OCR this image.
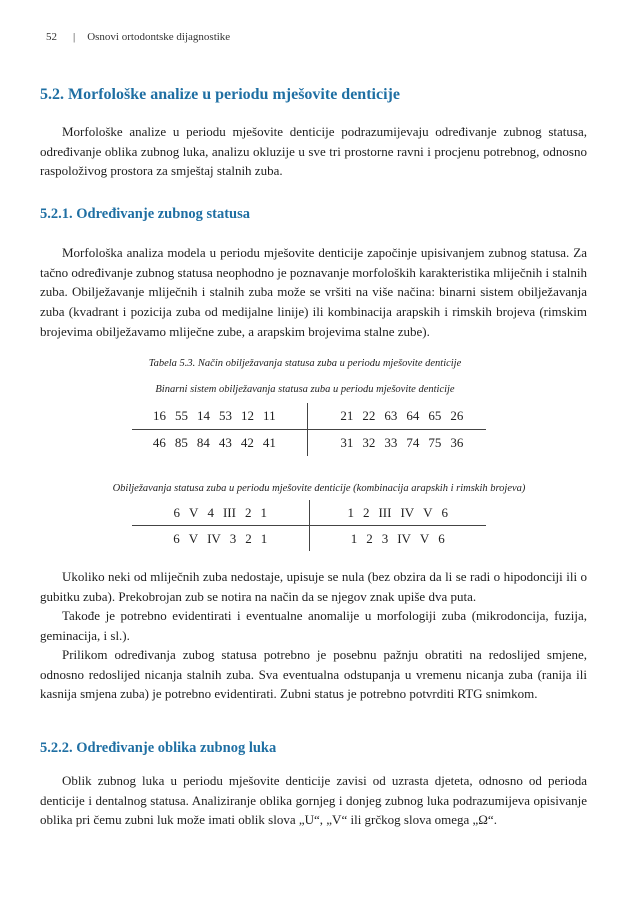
52 | Osnovi ortodontske dijagnostike
5.2. Morfološke analize u periodu mješovite denticije

Morfološke analize u periodu mješovite denticije podrazumijevaju određivanje zubnog statusa, određivanje oblika zubnog luka, analizu okluzije u sve tri prostorne ravni i procjenu potrebnog, odnosno raspoloživog prostora za smještaj stalnih zuba.

5.2.1. Određivanje zubnog statusa

Morfološka analiza modela u periodu mješovite denticije započinje upisivanjem zubnog statusa. Za tačno određivanje zubnog statusa neophodno je poznavanje morfoloških karakteristika mliječnih i stalnih zuba. Obilježavanje mliječnih i stalnih zuba može se vršiti na više načina: binarni sistem obilježavanja zuba (kvadrant i pozicija zuba od medijalne linije) ili kombinacija arapskih i rimskih brojeva (rimskim brojevima obilježavamo mliječne zube, a arapskim brojevima stalne zube).

Tabela 5.3. Način obilježavanja statusa zuba u periodu mješovite denticije

Binarni sistem obilježavanja statusa zuba u periodu mješovite denticije

16 55 14 53 12 11	21 22 63 64 65 26
46 85 84 43 42 41	31 32 33 74 75 36

Obilježavanja statusa zuba u periodu mješovite denticije (kombinacija arapskih i rimskih brojeva)

6 V 4 III 2 1	1 2 III IV V 6
6 V IV 3 2 1	1 2 3 IV V 6

Ukoliko neki od mliječnih zuba nedostaje, upisuje se nula (bez obzira da li se radi o hipodonciji ili o gubitku zuba). Prekobrojan zub se notira na način da se njegov znak upiše dva puta.

Takođe je potrebno evidentirati i eventualne anomalije u morfologiji zuba (mikrodoncija, fuzija, geminacija, i sl.).

Prilikom određivanja zubog statusa potrebno je posebnu pažnju obratiti na redoslijed smjene, odnosno redoslijed nicanja stalnih zuba. Sva eventualna odstupanja u vremenu nicanja zuba (ranija ili kasnija smjena zuba) je potrebno evidentirati. Zubni status je potrebno potvrditi RTG snimkom.

5.2.2. Određivanje oblika zubnog luka

Oblik zubnog luka u periodu mješovite denticije zavisi od uzrasta djeteta, odnosno od perioda denticije i dentalnog statusa. Analiziranje oblika gornjeg i donjeg zubnog luka podrazumijeva opisivanje oblika pri čemu zubni luk može imati oblik slova „U“, „V“ ili grčkog slova omega „Ω“.
